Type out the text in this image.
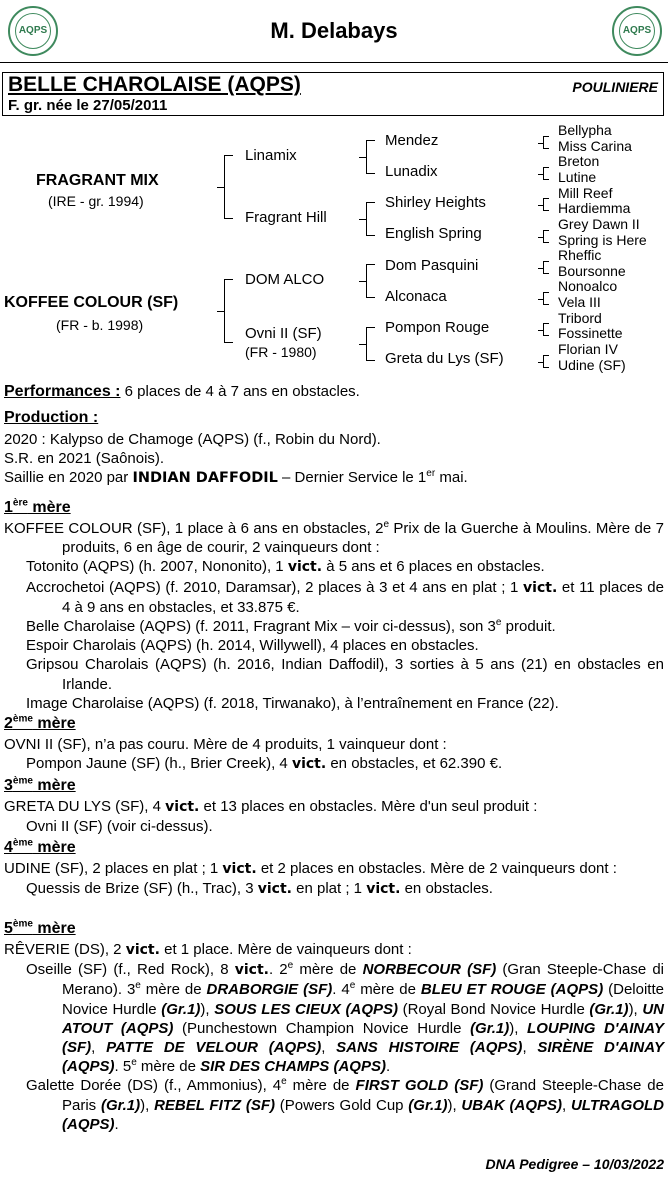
AQPS	M. Delabays	AQPS
BELLE CHAROLAISE (AQPS)	POULINIERE
F. gr. née le 27/05/2011
FRAGRANT MIX
(IRE - gr. 1994)
KOFFEE COLOUR (SF)
(FR - b. 1998)
Linamix
Fragrant Hill
DOM ALCO
Ovni II (SF)
(FR - 1980)
Mendez
Lunadix
Shirley Heights
English Spring
Dom Pasquini
Alconaca
Pompon Rouge
Greta du Lys (SF)
Bellypha
Miss Carina
Breton
Lutine
Mill Reef
Hardiemma
Grey Dawn II
Spring is Here
Rheffic
Boursonne
Nonoalco
Vela III
Tribord
Fossinette
Florian IV
Udine (SF)
Performances : 6 places de 4 à 7 ans en obstacles.
Production :
2020 : Kalypso de Chamoge (AQPS) (f., Robin du Nord).
S.R. en 2021 (Saônois).
Saillie en 2020 par INDIAN DAFFODIL – Dernier Service le 1er mai.
1ère mère
KOFFEE COLOUR (SF), 1 place à 6 ans en obstacles, 2e Prix de la Guerche à Moulins. Mère de 7 produits, 6 en âge de courir, 2 vainqueurs dont :
Totonito (AQPS) (h. 2007, Nononito), 1 vict. à 5 ans et 6 places en obstacles.
Accrochetoi (AQPS) (f. 2010, Daramsar), 2 places à 3 et 4 ans en plat ; 1 vict. et 11 places de 4 à 9 ans en obstacles, et 33.875 €.
Belle Charolaise (AQPS) (f. 2011, Fragrant Mix – voir ci-dessus), son 3e produit.
Espoir Charolais (AQPS) (h. 2014, Willywell), 4 places en obstacles.
Gripsou Charolais (AQPS) (h. 2016, Indian Daffodil), 3 sorties à 5 ans (21) en obstacles en Irlande.
Image Charolaise (AQPS) (f. 2018, Tirwanako), à l’entraînement en France (22).
2ème mère
OVNI II (SF), n’a pas couru. Mère de 4 produits, 1 vainqueur dont :
Pompon Jaune (SF) (h., Brier Creek), 4 vict. en obstacles, et 62.390 €.
3ème mère
GRETA DU LYS (SF), 4 vict. et 13 places en obstacles. Mère d'un seul produit :
Ovni II (SF) (voir ci-dessus).
4ème mère
UDINE (SF), 2 places en plat ; 1 vict. et 2 places en obstacles. Mère de 2 vainqueurs dont :
Quessis de Brize (SF) (h., Trac), 3 vict. en plat ; 1 vict. en obstacles.
5ème mère
RÊVERIE (DS), 2 vict. et 1 place. Mère de vainqueurs dont :
Oseille (SF) (f., Red Rock), 8 vict.. 2e mère de NORBECOUR (SF) (Gran Steeple-Chase di Merano). 3e mère de DRABORGIE (SF). 4e mère de BLEU ET ROUGE (AQPS) (Deloitte Novice Hurdle (Gr.1)), SOUS LES CIEUX (AQPS) (Royal Bond Novice Hurdle (Gr.1)), UN ATOUT (AQPS) (Punchestown Champion Novice Hurdle (Gr.1)), LOUPING D'AINAY (SF), PATTE DE VELOUR (AQPS), SANS HISTOIRE (AQPS), SIRÈNE D'AINAY (AQPS). 5e mère de SIR DES CHAMPS (AQPS).
Galette Dorée (DS) (f., Ammonius), 4e mère de FIRST GOLD (SF) (Grand Steeple-Chase de Paris (Gr.1)), REBEL FITZ (SF) (Powers Gold Cup (Gr.1)), UBAK (AQPS), ULTRAGOLD (AQPS).
DNA Pedigree – 10/03/2022
